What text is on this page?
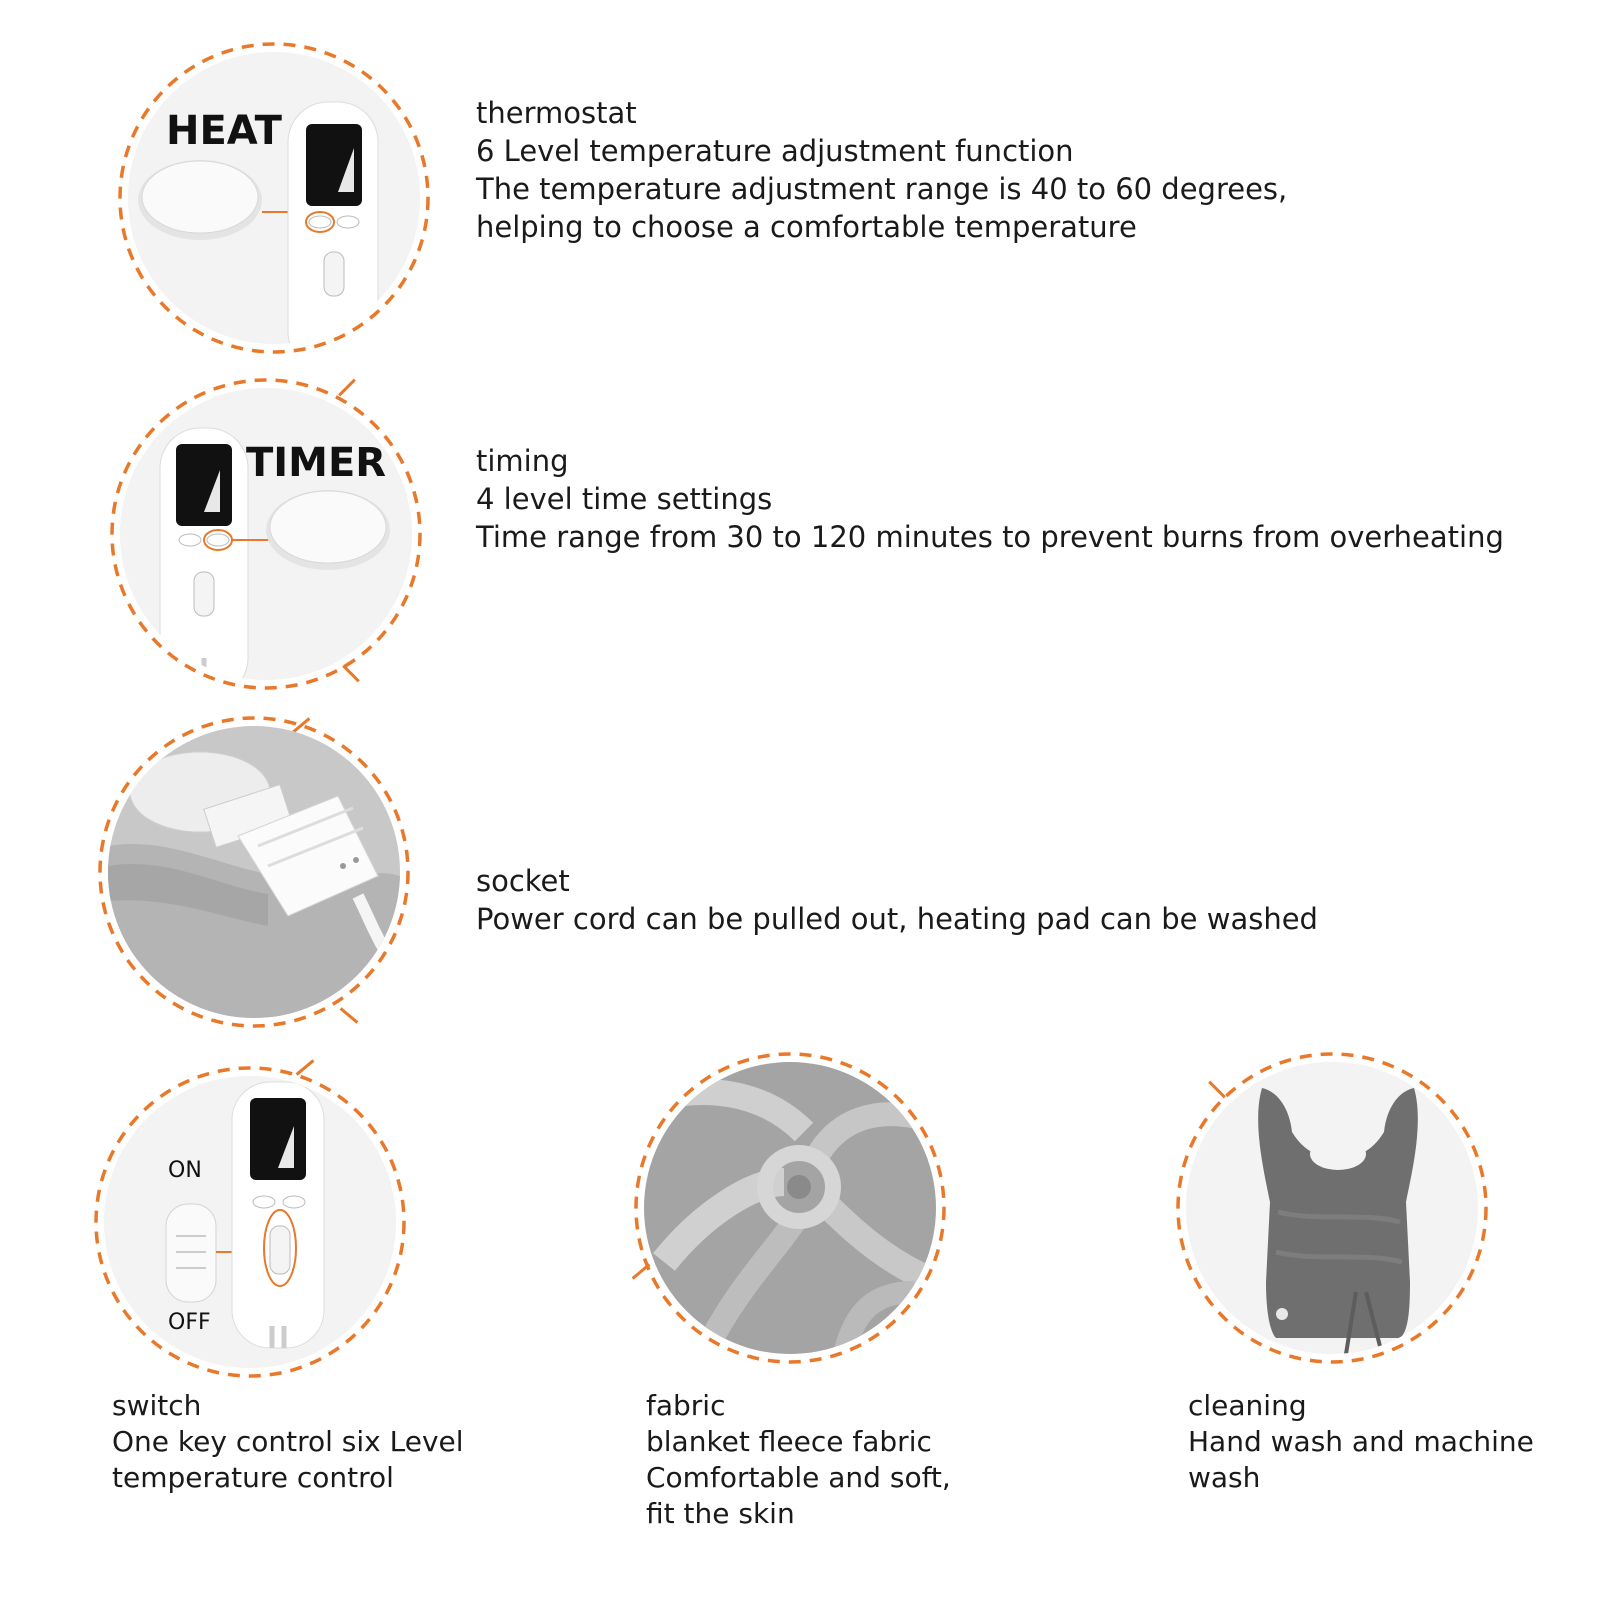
HEAT	thermostat
6 Level temperature adjustment function
The temperature adjustment range is 40 to 60 degrees,
helping to choose a comfortable temperature
TIMER	timing
4 level time settings
Time range from 30 to 120 minutes to prevent burns from overheating
socket
Power cord can be pulled out, heating pad can be washed
ON
OFF
switch
One key control six Level
temperature control
fabric
blanket fleece fabric
Comfortable and soft,
fit the skin
cleaning
Hand wash and machine
wash
